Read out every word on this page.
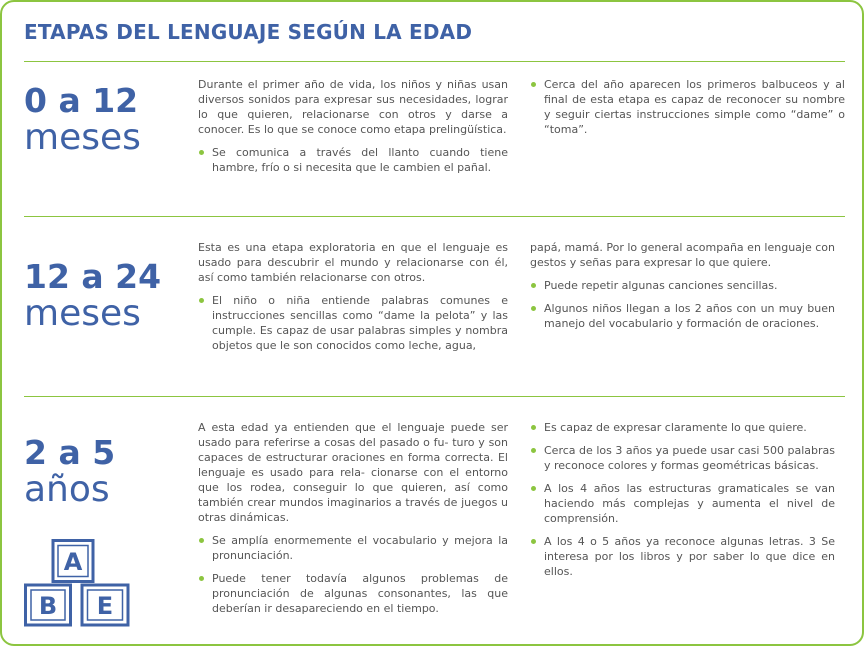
ETAPAS DEL LENGUAJE SEGÚN LA EDAD
0 a 12
meses

Durante el primer año de vida, los niños y niñas usan diversos sonidos para expresar sus necesidades, lograr lo que quieren, relacionarse con otros y darse a conocer. Es lo que se conoce como etapa prelingüística.

Se comunica a través del llanto cuando tiene hambre, frío o si necesita que le cambien el pañal.
Cerca del año aparecen los primeros balbuceos y al final de esta etapa es capaz de reconocer su nombre y seguir ciertas instrucciones simple como “dame” o “toma”.
12 a 24
meses

Esta es una etapa exploratoria en que el lenguaje es usado para descubrir el mundo y relacionarse con él, así como también relacionarse con otros.

El niño o niña entiende palabras comunes e instrucciones sencillas como “dame la pelota” y las cumple. Es capaz de usar palabras simples y nombra objetos que le son conocidos como leche, agua,

papá, mamá. Por lo general acompaña en lenguaje con gestos y señas para expresar lo que quiere.

Puede repetir algunas canciones sencillas.
Algunos niños llegan a los 2 años con un muy buen manejo del vocabulario y formación de oraciones.
2 a 5
años

A esta edad ya entienden que el lenguaje puede ser usado para referirse a cosas del pasado o fu- turo y son capaces de estructurar oraciones en forma correcta. El lenguaje es usado para rela- cionarse con el entorno que los rodea, conseguir lo que quieren, así como también crear mundos imaginarios a través de juegos u otras dinámicas.

Se amplía enormemente el vocabulario y mejora la pronunciación.
Puede tener todavía algunos problemas de pronunciación de algunas consonantes, las que deberían ir desapareciendo en el tiempo.
Es capaz de expresar claramente lo que quiere.
Cerca de los 3 años ya puede usar casi 500 palabras y reconoce colores y formas geométricas básicas.
A los 4 años las estructuras gramaticales se van haciendo más complejas y aumenta el nivel de comprensión.
A los 4 o 5 años ya reconoce algunas letras. 3 Se interesa por los libros y por saber lo que dice en ellos.
A
B E
